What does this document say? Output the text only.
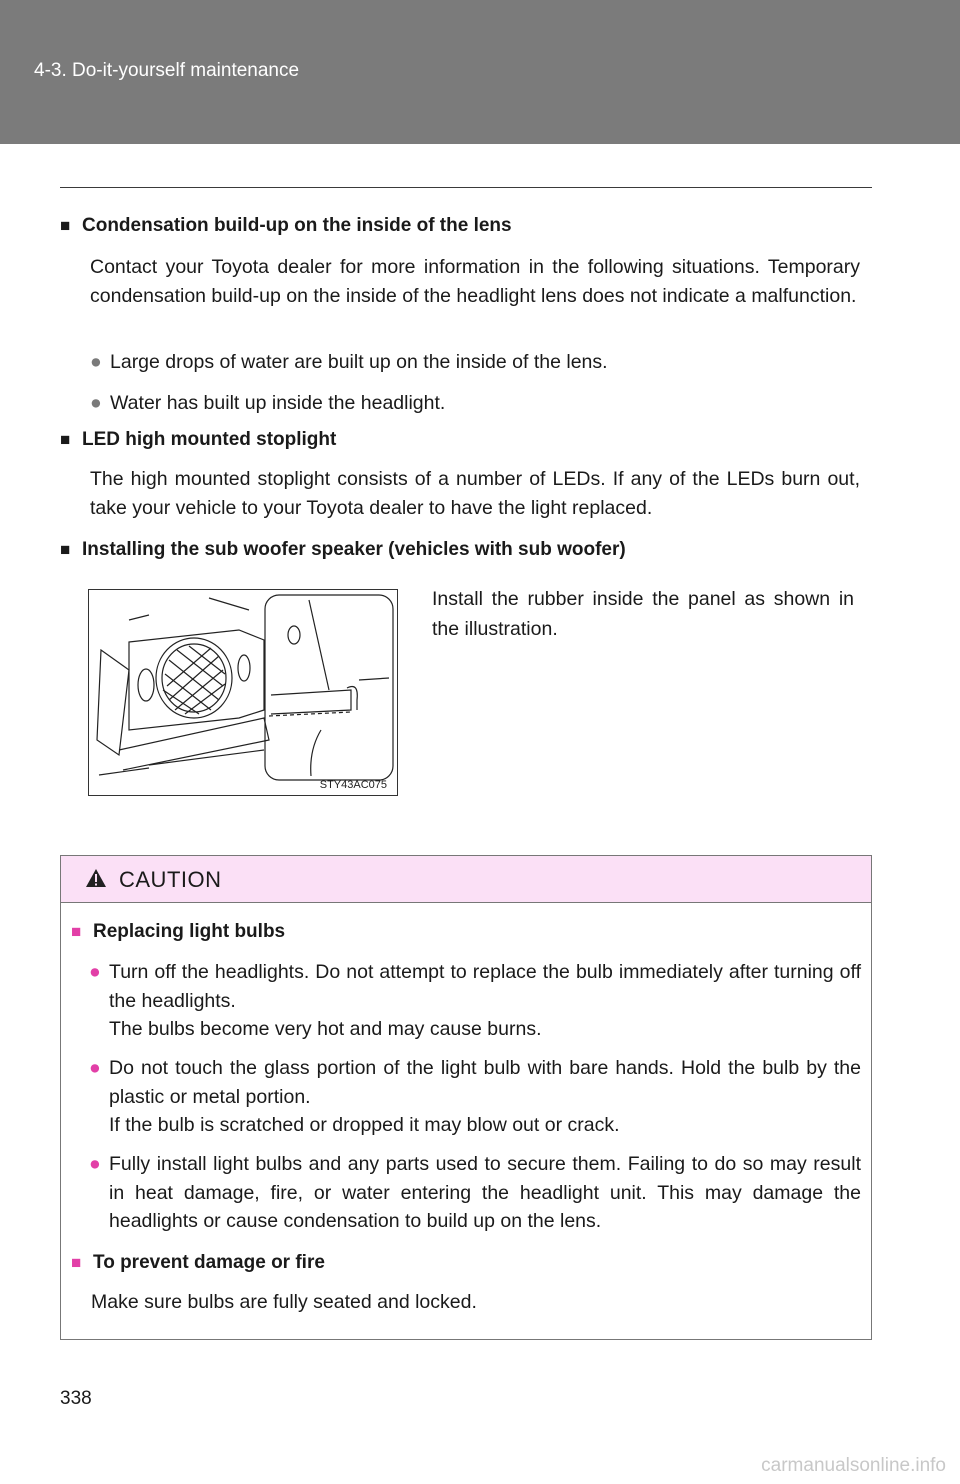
4-3. Do-it-yourself maintenance
■ Condensation build-up on the inside of the lens
Contact your Toyota dealer for more information in the following situations. Temporary condensation build-up on the inside of the headlight lens does not indicate a malfunction.
● Large drops of water are built up on the inside of the lens.
● Water has built up inside the headlight.
■ LED high mounted stoplight
The high mounted stoplight consists of a number of LEDs. If any of the LEDs burn out, take your vehicle to your Toyota dealer to have the light replaced.
■ Installing the sub woofer speaker (vehicles with sub woofer)
STY43AC075
Install the rubber inside the panel as shown in the illustration.
CAUTION
■ Replacing light bulbs
● Turn off the headlights. Do not attempt to replace the bulb immediately after turning off the headlights.
The bulbs become very hot and may cause burns.
● Do not touch the glass portion of the light bulb with bare hands. Hold the bulb by the plastic or metal portion.
If the bulb is scratched or dropped it may blow out or crack.
● Fully install light bulbs and any parts used to secure them. Failing to do so may result in heat damage, fire, or water entering the headlight unit. This may damage the headlights or cause condensation to build up on the lens.
■ To prevent damage or fire
Make sure bulbs are fully seated and locked.
338
carmanualsonline.info
